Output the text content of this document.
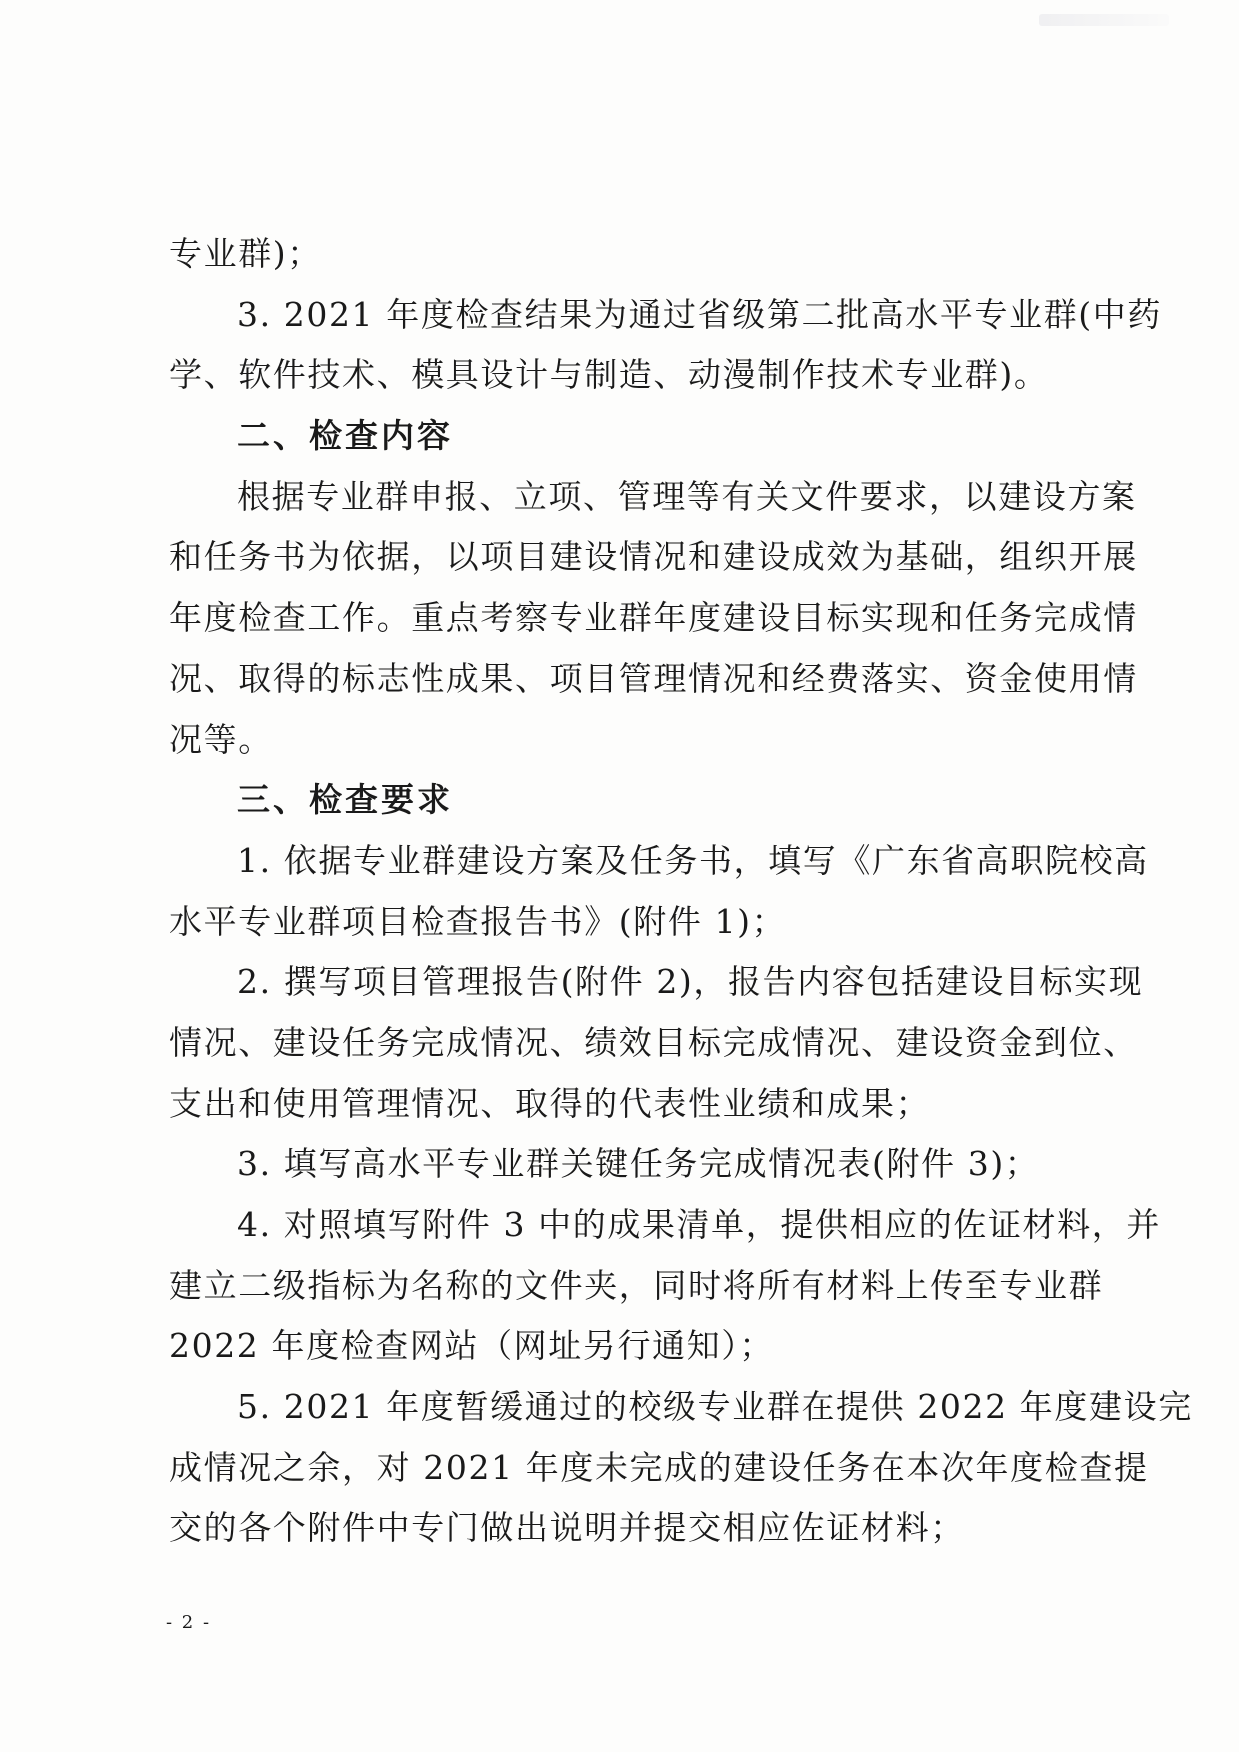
专业群)；
3. 2021 年度检查结果为通过省级第二批高水平专业群(中药
学、软件技术、模具设计与制造、动漫制作技术专业群)。
二、检查内容
根据专业群申报、立项、管理等有关文件要求，以建设方案
和任务书为依据，以项目建设情况和建设成效为基础，组织开展
年度检查工作。重点考察专业群年度建设目标实现和任务完成情
况、取得的标志性成果、项目管理情况和经费落实、资金使用情
况等。
三、检查要求
1. 依据专业群建设方案及任务书，填写《广东省高职院校高
水平专业群项目检查报告书》(附件 1)；
2. 撰写项目管理报告(附件 2)，报告内容包括建设目标实现
情况、建设任务完成情况、绩效目标完成情况、建设资金到位、
支出和使用管理情况、取得的代表性业绩和成果；
3. 填写高水平专业群关键任务完成情况表(附件 3)；
4. 对照填写附件 3 中的成果清单，提供相应的佐证材料，并
建立二级指标为名称的文件夹，同时将所有材料上传至专业群
2022 年度检查网站（网址另行通知）；
5. 2021 年度暂缓通过的校级专业群在提供 2022 年度建设完
成情况之余，对 2021 年度未完成的建设任务在本次年度检查提
交的各个附件中专门做出说明并提交相应佐证材料；
- 2 -
